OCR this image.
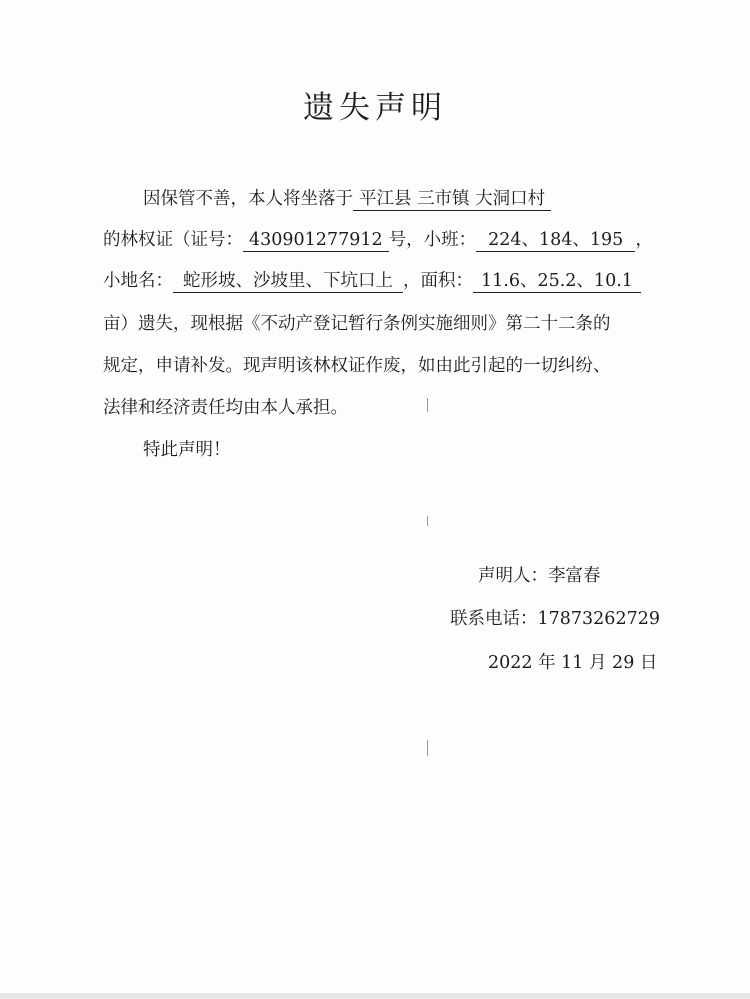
遗失声明
因保管不善，本人将坐落于 平江县 三市镇 大洞口村
的林权证（证号： 430901277912 号，小班： 224、184、195 ，
小地名： 蛇形坡、沙坡里、下坑口上 ，面积： 11.6、25.2、10.1
亩）遗失，现根据《不动产登记暂行条例实施细则》第二十二条的
规定，申请补发。现声明该林权证作废，如由此引起的一切纠纷、
法律和经济责任均由本人承担。
特此声明！
声明人：李富春
联系电话：17873262729
2022 年 11 月 29 日
